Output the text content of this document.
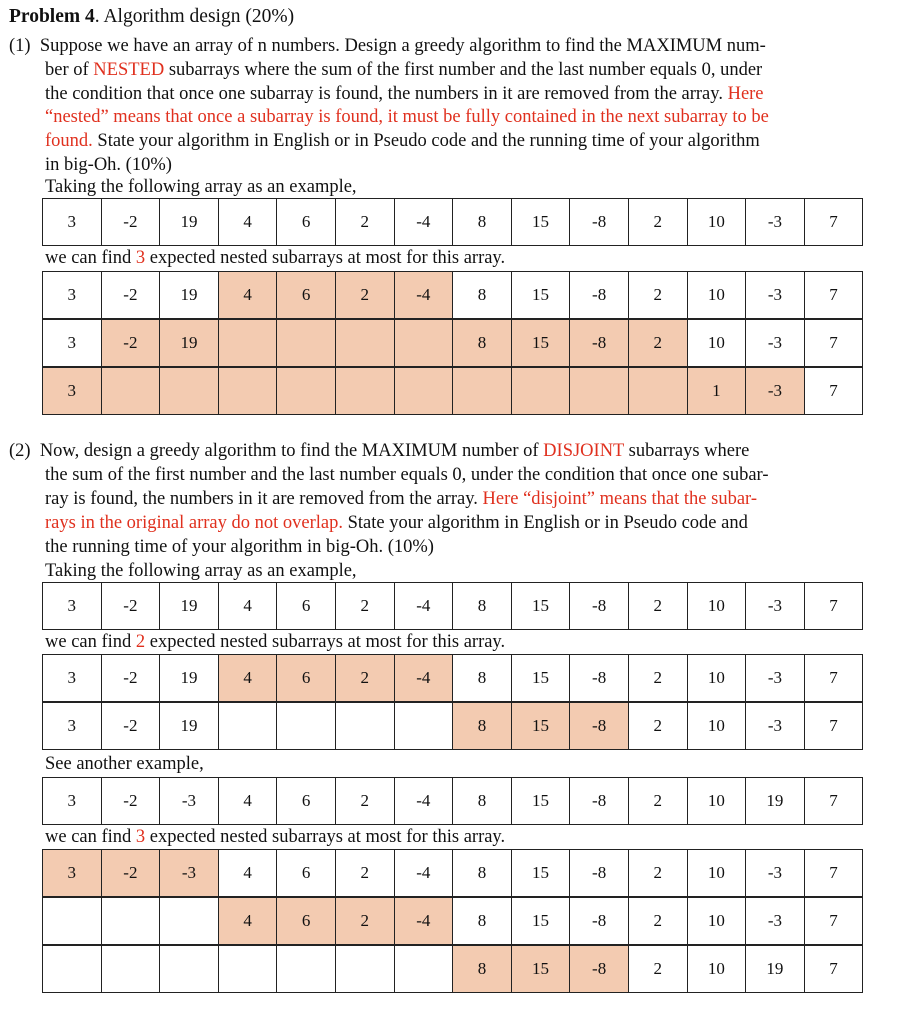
Problem 4. Algorithm design (20%)
(1)  Suppose we have an array of n numbers. Design a greedy algorithm to find the MAXIMUM num-
ber of NESTED subarrays where the sum of the first number and the last number equals 0, under
the condition that once one subarray is found, the numbers in it are removed from the array. Here
“nested” means that once a subarray is found, it must be fully contained in the next subarray to be
found. State your algorithm in English or in Pseudo code and the running time of your algorithm
in big-Oh. (10%)
Taking the following array as an example,
3	-2	19	4	6	2	-4	8	15	-8	2	10	-3	7
we can find 3 expected nested subarrays at most for this array.
3	-2	19	4	6	2	-4	8	15	-8	2	10	-3	7
3	-2	19					8	15	-8	2	10	-3	7
3											1	-3	7
(2)  Now, design a greedy algorithm to find the MAXIMUM number of DISJOINT subarrays where
the sum of the first number and the last number equals 0, under the condition that once one subar-
ray is found, the numbers in it are removed from the array. Here “disjoint” means that the subar-
rays in the original array do not overlap. State your algorithm in English or in Pseudo code and
the running time of your algorithm in big-Oh. (10%)
Taking the following array as an example,
3	-2	19	4	6	2	-4	8	15	-8	2	10	-3	7
we can find 2 expected nested subarrays at most for this array.
3	-2	19	4	6	2	-4	8	15	-8	2	10	-3	7
3	-2	19					8	15	-8	2	10	-3	7
See another example,
3	-2	-3	4	6	2	-4	8	15	-8	2	10	19	7
we can find 3 expected nested subarrays at most for this array.
3	-2	-3	4	6	2	-4	8	15	-8	2	10	-3	7
			4	6	2	-4	8	15	-8	2	10	-3	7
							8	15	-8	2	10	19	7
